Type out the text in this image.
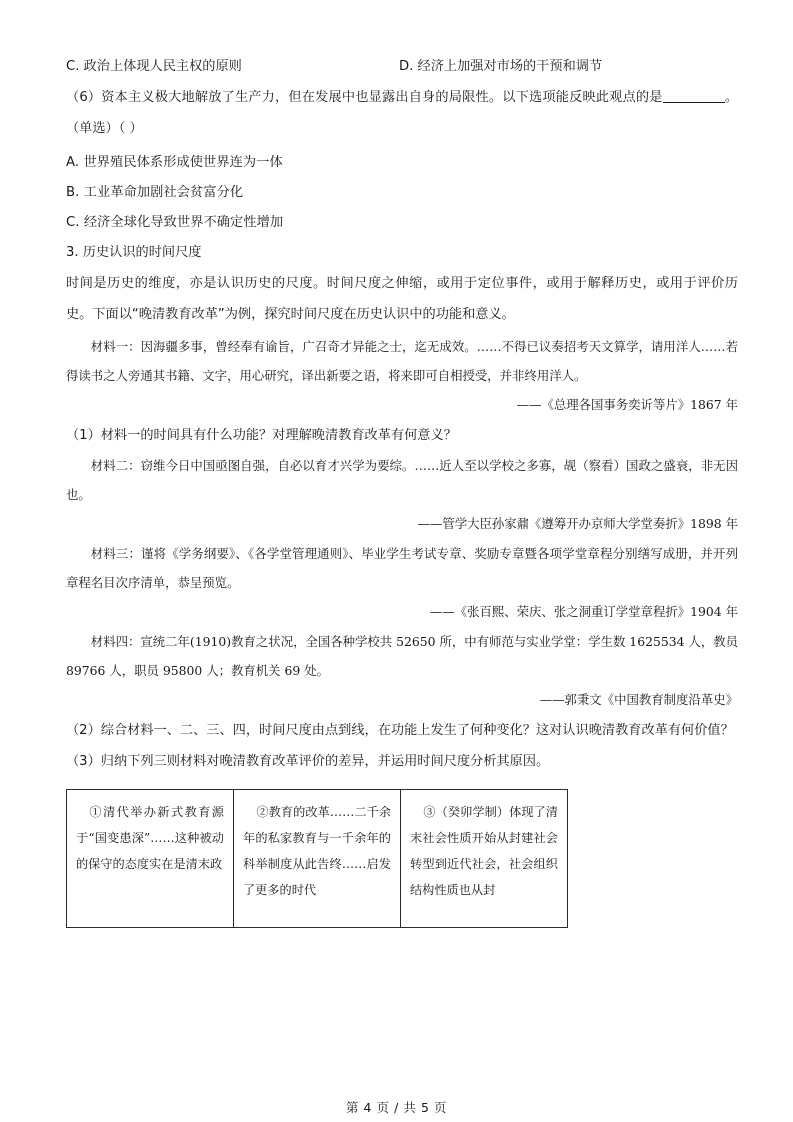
C. 政治上体现人民主权的原则	D. 经济上加强对市场的干预和调节
（6）资本主义极大地解放了生产力，但在发展中也显露出自身的局限性。以下选项能反映此观点的是	。（单选）（ ）
A. 世界殖民体系形成使世界连为一体
B. 工业革命加剧社会贫富分化
C. 经济全球化导致世界不确定性增加
3. 历史认识的时间尺度
时间是历史的维度，亦是认识历史的尺度。时间尺度之伸缩，或用于定位事件，或用于解释历史，或用于评价历史。下面以“晚清教育改革”为例，探究时间尺度在历史认识中的功能和意义。

材料一：因海疆多事，曾经奉有谕旨，广召奇才异能之士，迄无成效。……不得已议奏招考天文算学，请用洋人……若得读书之人旁通其书籍、文字，用心研究，译出新要之语，将来即可自相授受，并非终用洋人。

——《总理各国事务奕䜣等片》1867 年
（1）材料一的时间具有什么功能？对理解晚清教育改革有何意义？

材料二：窃维今日中国亟图自强，自必以育才兴学为要综。……近人至以学校之多寡，觇（察看）国政之盛衰，非无因也。

——管学大臣孙家鼐《遵筹开办京师大学堂奏折》1898 年

材料三：谨将《学务纲要》、《各学堂管理通则》、毕业学生考试专章、奖励专章暨各项学堂章程分别缮写成册，并开列章程名目次序清单，恭呈预览。

——《张百熙、荣庆、张之洞重订学堂章程折》1904 年

材料四：宣统二年(1910)教育之状况，全国各种学校共 52650 所，中有师范与实业学堂：学生数 1625534 人，教员 89766 人，职员 95800 人；教育机关 69 处。

——郭秉文《中国教育制度沿革史》
（2）综合材料一、二、三、四，时间尺度由点到线，在功能上发生了何种变化？这对认识晚清教育改革有何价值？
（3）归纳下列三则材料对晚清教育改革评价的差异，并运用时间尺度分析其原因。
①清代举办新式教育源于“国变患深”……这种被动的保守的态度实在是清末政

②教育的改革……二千余年的私家教育与一千余年的科举制度从此告终……启发了更多的时代

③（癸卯学制）体现了清末社会性质开始从封建社会转型到近代社会，社会组织结构性质也从封
第 4 页 / 共 5 页
